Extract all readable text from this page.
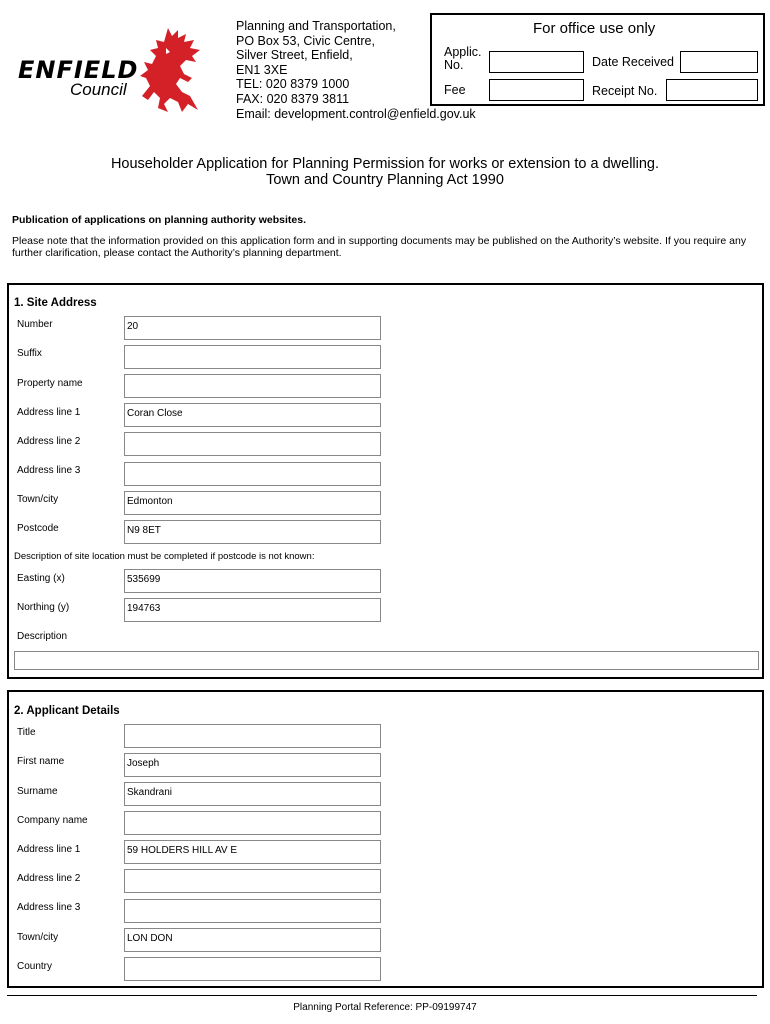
ENFIELD
Council
Planning and Transportation,
PO Box 53, Civic Centre,
Silver Street, Enfield,
EN1 3XE
TEL: 020 8379 1000
FAX: 020 8379 3811
Email: development.control@enfield.gov.uk
For office use only
Applic.
No.	Date Received
Fee	Receipt No.
Householder Application for Planning Permission for works or extension to a dwelling.
Town and Country Planning Act 1990
Publication of applications on planning authority websites.
Please note that the information provided on this application form and in supporting documents may be published on the Authority’s website. If you require any further clarification, please contact the Authority’s planning department.
1. Site Address
Number	20
Suffix
Property name
Address line 1	Coran Close
Address line 2
Address line 3
Town/city	Edmonton
Postcode	N9 8ET
Description of site location must be completed if postcode is not known:
Easting (x)	535699
Northing (y)	194763
Description
2. Applicant Details
Title
First name	Joseph
Surname	Skandrani
Company name
Address line 1	59 HOLDERS HILL AV E
Address line 2
Address line 3
Town/city	LON DON
Country
Planning Portal Reference: PP-09199747
